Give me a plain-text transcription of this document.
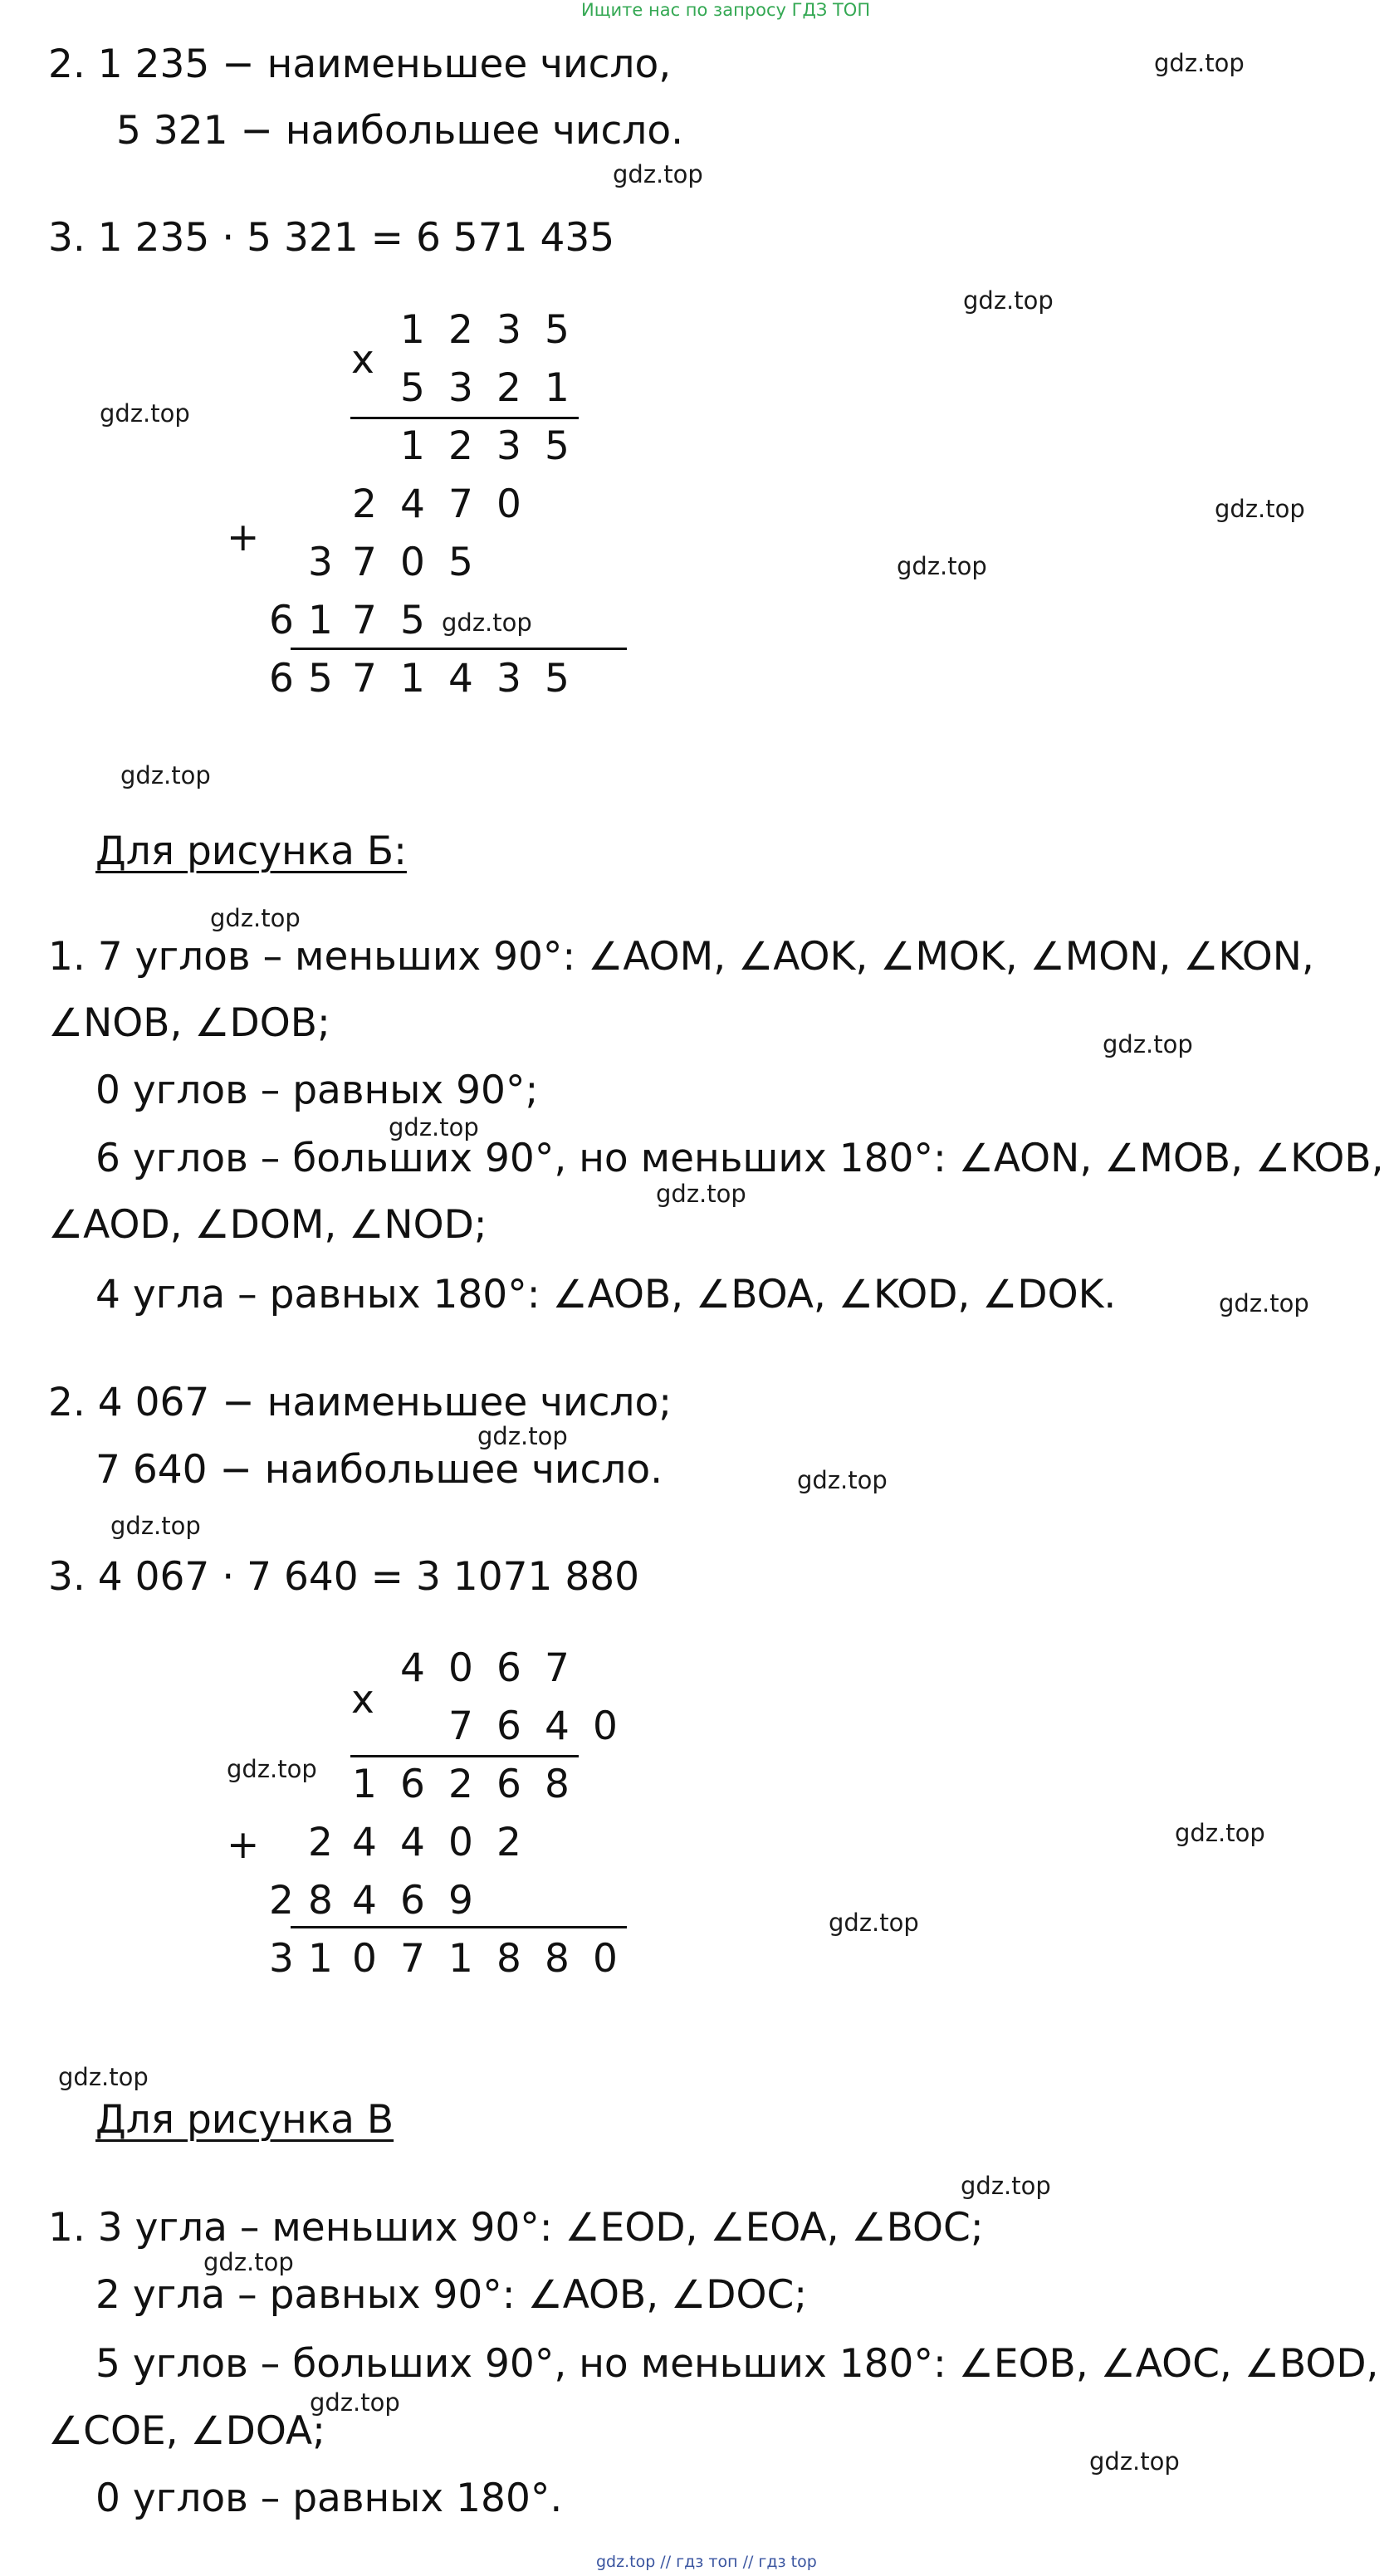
Ищите нас по запросу ГДЗ ТОП
gdz.top // гдз топ // гдз top
2. 1 235 − наименьшее число,
5 321 − наибольшее число.
3. 1 235 · 5 321 = 6 571 435
x
+
1 2 3 5
5 3 2 1
1 2 3 5
2 4 7 0
3 7 0 5
6 1 7 5
6 5 7 1 4 3 5
Для рисунка Б:
1. 7 углов – меньших 90°: ∠AOM, ∠AOK, ∠MOK, ∠MON, ∠KON,
∠NOB, ∠DOB;
0 углов – равных 90°;
6 углов – больших 90°, но меньших 180°: ∠AON, ∠MOB, ∠KOB,
∠AOD, ∠DOM, ∠NOD;
4 угла – равных 180°: ∠AOB, ∠BOA, ∠KOD, ∠DOK.
2. 4 067 − наименьшее число;
7 640 − наибольшее число.
3. 4 067 · 7 640 = 3 1071 880
x
+
4 0 6 7
7 6 4 0
1 6 2 6 8
2 4 4 0 2
2 8 4 6 9
3 1 0 7 1 8 8 0
Для рисунка В
1. 3 угла – меньших 90°: ∠EOD, ∠EOA, ∠BOC;
2 угла – равных 90°: ∠AOB, ∠DOC;
5 углов – больших 90°, но меньших 180°: ∠EOB, ∠AOC, ∠BOD,
∠COE, ∠DOA;
0 углов – равных 180°.
gdz.top
gdz.top
gdz.top
gdz.top
gdz.top
gdz.top
gdz.top
gdz.top
gdz.top
gdz.top
gdz.top
gdz.top
gdz.top
gdz.top
gdz.top
gdz.top
gdz.top
gdz.top
gdz.top
gdz.top
gdz.top
gdz.top
gdz.top
gdz.top
